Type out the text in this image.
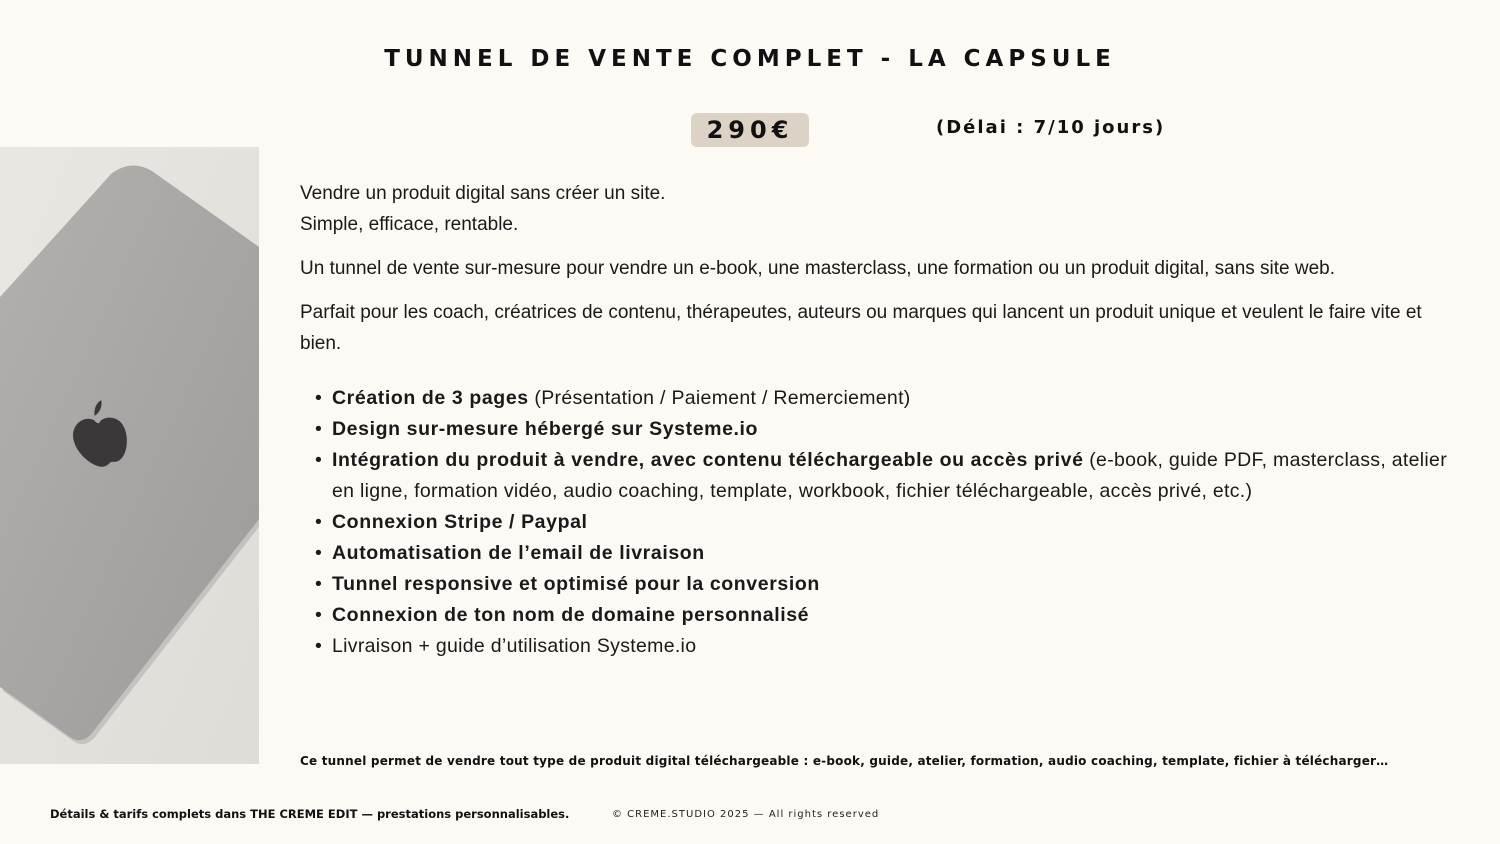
TUNNEL DE VENTE COMPLET - LA CAPSULE
290€	(Délai : 7/10 jours)

Vendre un produit digital sans créer un site.
Simple, efficace, rentable.

Un tunnel de vente sur-mesure pour vendre un e-book, une masterclass, une formation ou un produit digital, sans site web.

Parfait pour les coach, créatrices de contenu, thérapeutes, auteurs ou marques qui lancent un produit unique et veulent le faire vite et bien.

• Création de 3 pages (Présentation / Paiement / Remerciement)
• Design sur-mesure hébergé sur Systeme.io
• Intégration du produit à vendre, avec contenu téléchargeable ou accès privé (e-book, guide PDF, masterclass, atelier en ligne, formation vidéo, audio coaching, template, workbook, fichier téléchargeable, accès privé, etc.)
• Connexion Stripe / Paypal
• Automatisation de l’email de livraison
• Tunnel responsive et optimisé pour la conversion
• Connexion de ton nom de domaine personnalisé
• Livraison + guide d’utilisation Systeme.io
Ce tunnel permet de vendre tout type de produit digital téléchargeable : e-book, guide, atelier, formation, audio coaching, template, fichier à télécharger…
Détails & tarifs complets dans THE CREME EDIT — prestations personnalisables.	© CREME.STUDIO 2025 — All rights reserved
